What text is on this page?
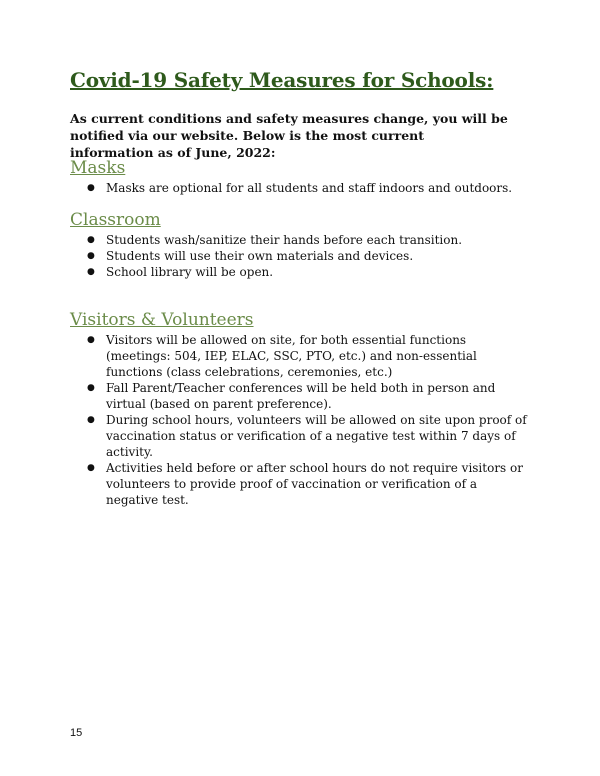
Covid-19 Safety Measures for Schools:

As current conditions and safety measures change, you will be notified via our website. Below is the most current information as of June, 2022:

Masks
● Masks are optional for all students and staff indoors and outdoors.
Classroom
● Students wash/sanitize their hands before each transition.
● Students will use their own materials and devices.
● School library will be open.
Visitors & Volunteers
● Visitors will be allowed on site, for both essential functions (meetings: 504, IEP, ELAC, SSC, PTO, etc.) and non-essential functions (class celebrations, ceremonies, etc.)
● Fall Parent/Teacher conferences will be held both in person and virtual (based on parent preference).
● During school hours, volunteers will be allowed on site upon proof of vaccination status or verification of a negative test within 7 days of activity.
● Activities held before or after school hours do not require visitors or volunteers to provide proof of vaccination or verification of a negative test.

15
